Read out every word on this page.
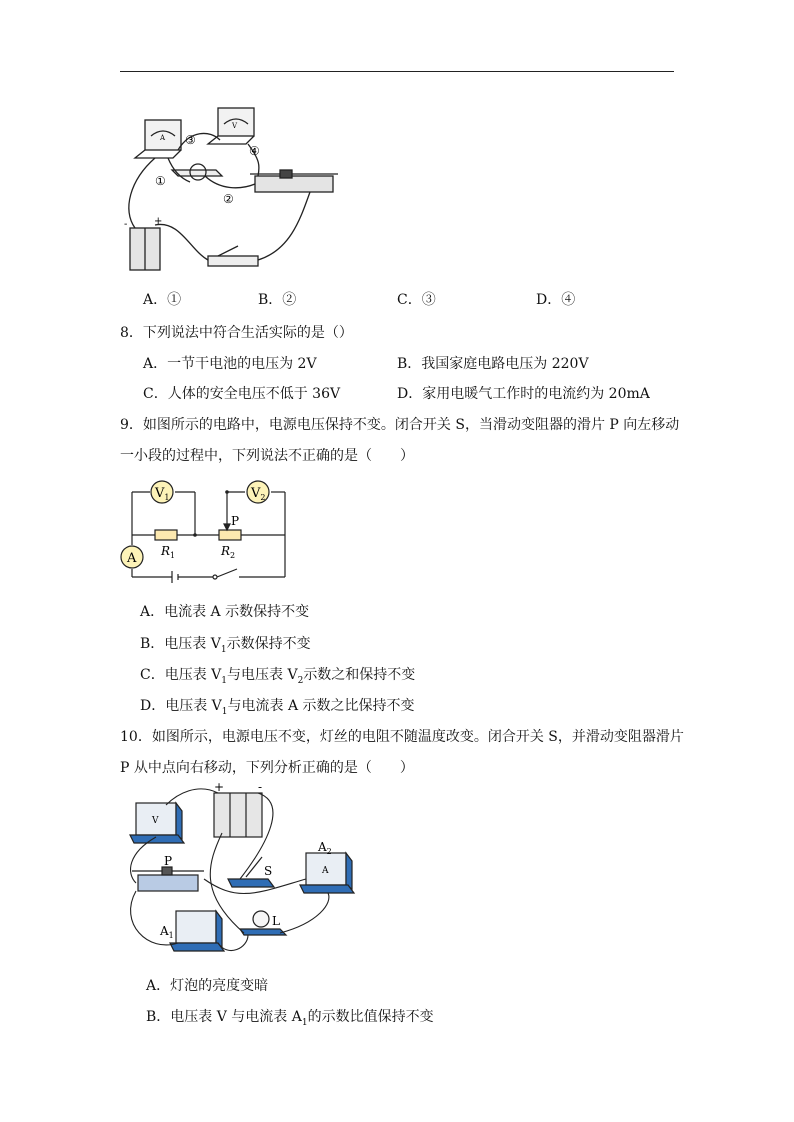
③
①
②
④
A
V
-	+
A．①	B．②	C．③	D．④
8．下列说法中符合生活实际的是（）
A．一节干电池的电压为 2V	B．我国家庭电路电压为 220V
C．人体的安全电压不低于 36V	D．家用电暖气工作时的电流约为 20mA
9．如图所示的电路中，电源电压保持不变。闭合开关 S，当滑动变阻器的滑片 P 向左移动
一小段的过程中，下列说法不正确的是（　　）
$V_1$	$V_2$
A
P
$R_1$	$R_2$
A．电流表 A 示数保持不变
B．电压表 $V_1$示数保持不变
C．电压表 $V_1$与电压表 $V_2$示数之和保持不变
D．电压表 $V_1$与电流表 A 示数之比保持不变
10．如图所示，电源电压不变，灯丝的电阻不随温度改变。闭合开关 S，并滑动变阻器滑片
P 从中点向右移动，下列分析正确的是（　　）
+	-
V
A
$A_2$
S
P
$A_1$
L
A．灯泡的亮度变暗
B．电压表 V 与电流表 $A_1$的示数比值保持不变
